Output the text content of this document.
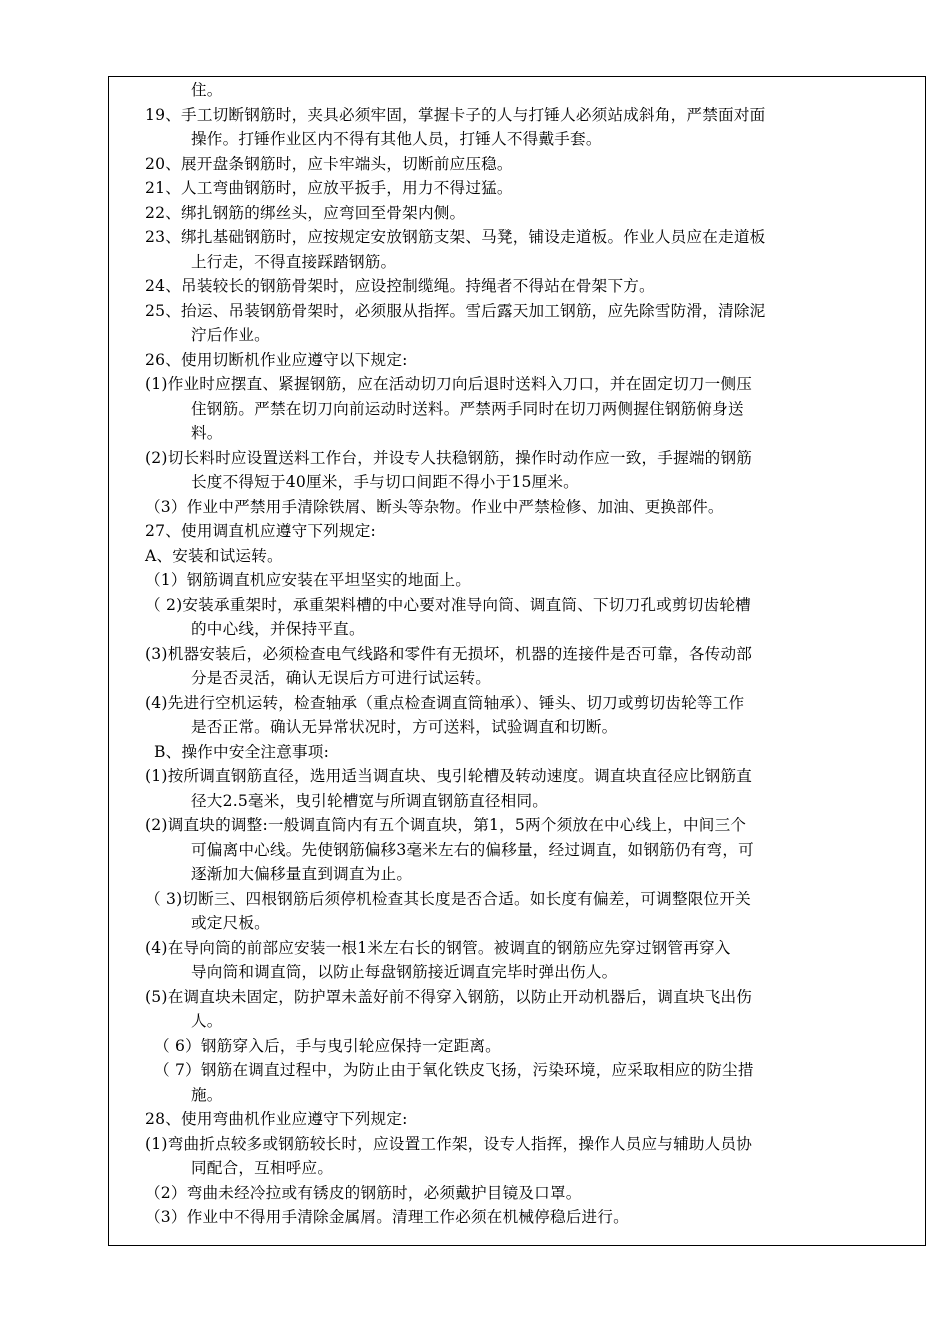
住。
19、手工切断钢筋时，夹具必须牢固，掌握卡子的人与打锤人必须站成斜角，严禁面对面
操作。打锤作业区内不得有其他人员，打锤人不得戴手套。
20、展开盘条钢筋时，应卡牢端头，切断前应压稳。
21、人工弯曲钢筋时，应放平扳手，用力不得过猛。
22、绑扎钢筋的绑丝头，应弯回至骨架内侧。
23、绑扎基础钢筋时，应按规定安放钢筋支架、马凳，铺设走道板。作业人员应在走道板
上行走，不得直接踩踏钢筋。
24、吊装较长的钢筋骨架时，应设控制缆绳。持绳者不得站在骨架下方。
25、抬运、吊装钢筋骨架时，必须服从指挥。雪后露天加工钢筋，应先除雪防滑，清除泥
泞后作业。
26、使用切断机作业应遵守以下规定:
(1)作业时应摆直、紧握钢筋，应在活动切刀向后退时送料入刀口，并在固定切刀一侧压
住钢筋。严禁在切刀向前运动时送料。严禁两手同时在切刀两侧握住钢筋俯身送
料。
(2)切长料时应设置送料工作台，并设专人扶稳钢筋，操作时动作应一致，手握端的钢筋
长度不得短于40厘米，手与切口间距不得小于15厘米。
（3）作业中严禁用手清除铁屑、断头等杂物。作业中严禁检修、加油、更换部件。
27、使用调直机应遵守下列规定:
A、安装和试运转。
（1）钢筋调直机应安装在平坦坚实的地面上。
（ 2)安装承重架时，承重架料槽的中心要对准导向筒、调直筒、下切刀孔或剪切齿轮槽
的中心线，并保持平直。
(3)机器安装后，必须检查电气线路和零件有无损坏，机器的连接件是否可靠，各传动部
分是否灵活，确认无误后方可进行试运转。
(4)先进行空机运转，检查轴承（重点检查调直筒轴承）、锤头、切刀或剪切齿轮等工作
是否正常。确认无异常状况时，方可送料，试验调直和切断。
B、操作中安全注意事项:
(1)按所调直钢筋直径，选用适当调直块、曳引轮槽及转动速度。调直块直径应比钢筋直
径大2.5毫米，曳引轮槽宽与所调直钢筋直径相同。
(2)调直块的调整:一般调直筒内有五个调直块，第1，5两个须放在中心线上，中间三个
可偏离中心线。先使钢筋偏移3毫米左右的偏移量，经过调直，如钢筋仍有弯，可
逐渐加大偏移量直到调直为止。
（ 3)切断三、四根钢筋后须停机检查其长度是否合适。如长度有偏差，可调整限位开关
或定尺板。
(4)在导向筒的前部应安装一根1米左右长的钢管。被调直的钢筋应先穿过钢管再穿入
导向筒和调直筒，以防止每盘钢筋接近调直完毕时弹出伤人。
(5)在调直块未固定，防护罩未盖好前不得穿入钢筋，以防止开动机器后，调直块飞出伤
人。
（ 6）钢筋穿入后，手与曳引轮应保持一定距离。
（ 7）钢筋在调直过程中，为防止由于氧化铁皮飞扬，污染环境，应采取相应的防尘措
施。
28、使用弯曲机作业应遵守下列规定:
(1)弯曲折点较多或钢筋较长时，应设置工作架，设专人指挥，操作人员应与辅助人员协
同配合，互相呼应。
（2）弯曲未经冷拉或有锈皮的钢筋时，必须戴护目镜及口罩。
（3）作业中不得用手清除金属屑。清理工作必须在机械停稳后进行。
